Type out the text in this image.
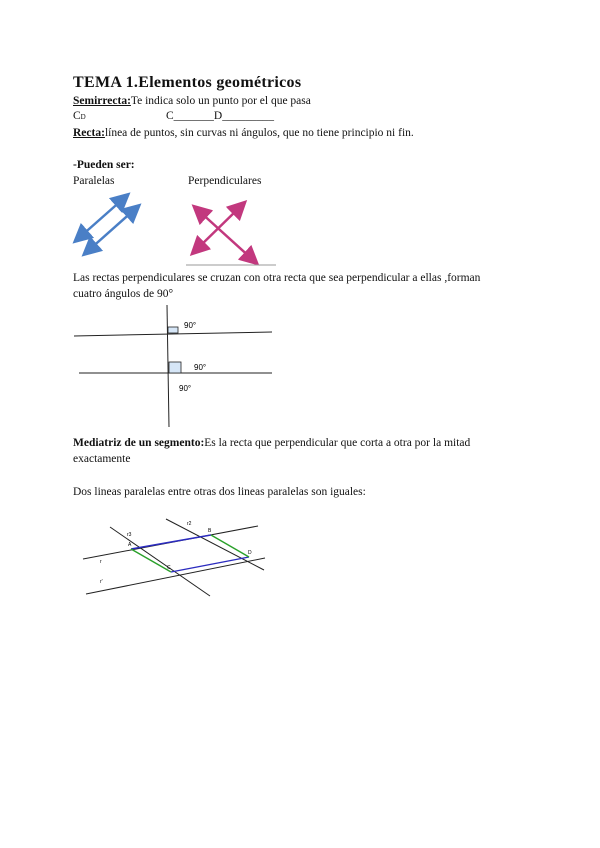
TEMA 1.Elementos geométricos
Semirrecta:Te indica solo un punto por el que pasa
CD	C_______D_________
Recta:línea de puntos, sin curvas ni ángulos, que no tiene principio ni fin.
-Pueden ser:
Paralelas	Perpendiculares
Las rectas perpendiculares se cruzan con otra recta que sea perpendicular a ellas ,forman
cuatro ángulos de 90°
90°
90°
90°
Mediatriz de un segmento:Es la recta que perpendicular que corta a otra por la mitad
exactamente
Dos lineas paralelas entre otras dos lineas paralelas son iguales:
A
B
C
D
r
r'
r2
r3
